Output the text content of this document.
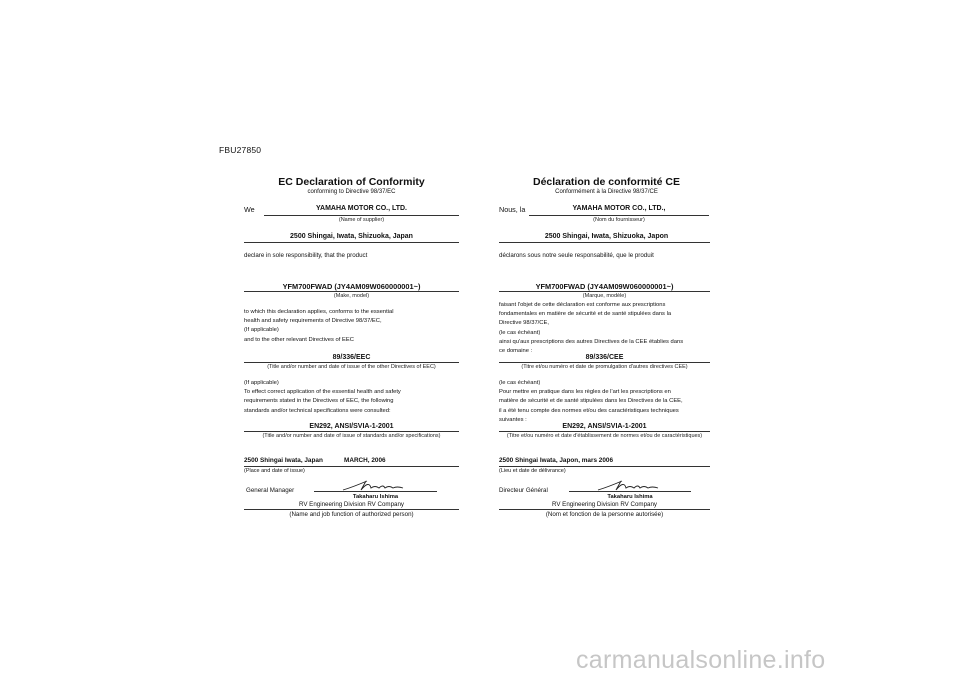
FBU27850
EC Declaration of Conformity
conforming to Directive 98/37/EC
We	YAMAHA MOTOR CO., LTD.
(Name of supplier)
2500 Shingai, Iwata, Shizuoka, Japan
declare in sole responsibility, that the product
YFM700FWAD (JY4AM09W060000001~)
(Make, model)
to which this declaration applies, conforms to the essential
health and safety requirements of Directive 98/37/EC,
(If applicable)
and to the other relevant Directives of EEC
89/336/EEC
(Title and/or number and date of issue of the other Directives of EEC)
(If applicable)
To effect correct application of the essential health and safety
requirements stated in the Directives of EEC, the following
standards and/or technical specifications were consulted:
EN292, ANSI/SVIA-1-2001
(Title and/or number and date of issue of standards and/or specifications)
2500 Shingai Iwata, Japan	MARCH, 2006
(Place and date of issue)
General Manager
Takaharu Ishima
RV Engineering Division RV Company
(Name and job function of authorized person)
Déclaration de conformité CE
Conformément à la Directive 98/37/CE
Nous, la	YAMAHA MOTOR CO., LTD.,
(Nom du fournisseur)
2500 Shingai, Iwata, Shizuoka, Japon
déclarons sous notre seule responsabilité, que le produit
YFM700FWAD (JY4AM09W060000001~)
(Marque, modèle)
faisant l'objet de cette déclaration est conforme aux prescriptions
fondamentales en matière de sécurité et de santé stipulées dans la
Directive 98/37/CE,
(le cas échéant)
ainsi qu'aux prescriptions des autres Directives de la CEE établies dans
ce domaine :
89/336/CEE
(Titre et/ou numéro et date de promulgation d'autres directives CEE)
(le cas échéant)
Pour mettre en pratique dans les règles de l'art les prescriptions en
matière de sécurité et de santé stipulées dans les Directives de la CEE,
il a été tenu compte des normes et/ou des caractéristiques techniques
suivantes :
EN292, ANSI/SVIA-1-2001
(Titre et/ou numéro et date d'établissement de normes et/ou de caractéristiques)
2500 Shingai Iwata, Japon, mars 2006
(Lieu et date de délivrance)
Directeur Général
Takaharu Ishima
RV Engineering Division RV Company
(Nom et fonction de la personne autorisée)
carmanualsonline.info
